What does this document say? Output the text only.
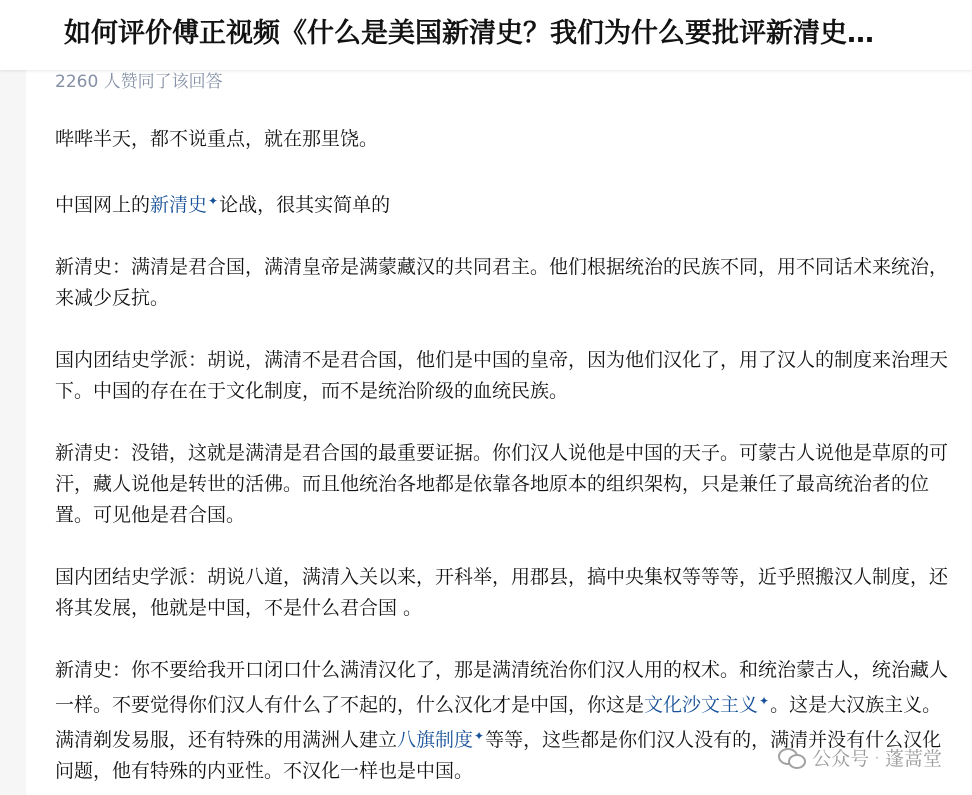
如何评价傅正视频《什么是美国新清史？我们为什么要批评新清史…

2260 人赞同了该回答

哔哔半天，都不说重点，就在那里饶。

中国网上的新清史✦论战，很其实简单的

新清史：满清是君合国，满清皇帝是满蒙藏汉的共同君主。他们根据统治的民族不同，用不同话术来统治，来减少反抗。

国内团结史学派：胡说，满清不是君合国，他们是中国的皇帝，因为他们汉化了，用了汉人的制度来治理天下。中国的存在在于文化制度，而不是统治阶级的血统民族。

新清史：没错，这就是满清是君合国的最重要证据。你们汉人说他是中国的天子。可蒙古人说他是草原的可汗，藏人说他是转世的活佛。而且他统治各地都是依靠各地原本的组织架构，只是兼任了最高统治者的位置。可见他是君合国。

国内团结史学派：胡说八道，满清入关以来，开科举，用郡县，搞中央集权等等等，近乎照搬汉人制度，还将其发展，他就是中国，不是什么君合国 。

新清史：你不要给我开口闭口什么满清汉化了，那是满清统治你们汉人用的权术。和统治蒙古人，统治藏人一样。不要觉得你们汉人有什么了不起的，什么汉化才是中国，你这是文化沙文主义✦。这是大汉族主义。满清剃发易服，还有特殊的用满洲人建立八旗制度✦等等，这些都是你们汉人没有的，满清并没有什么汉化问题，他有特殊的内亚性。不汉化一样也是中国。

公众号 · 蓬蒿堂
